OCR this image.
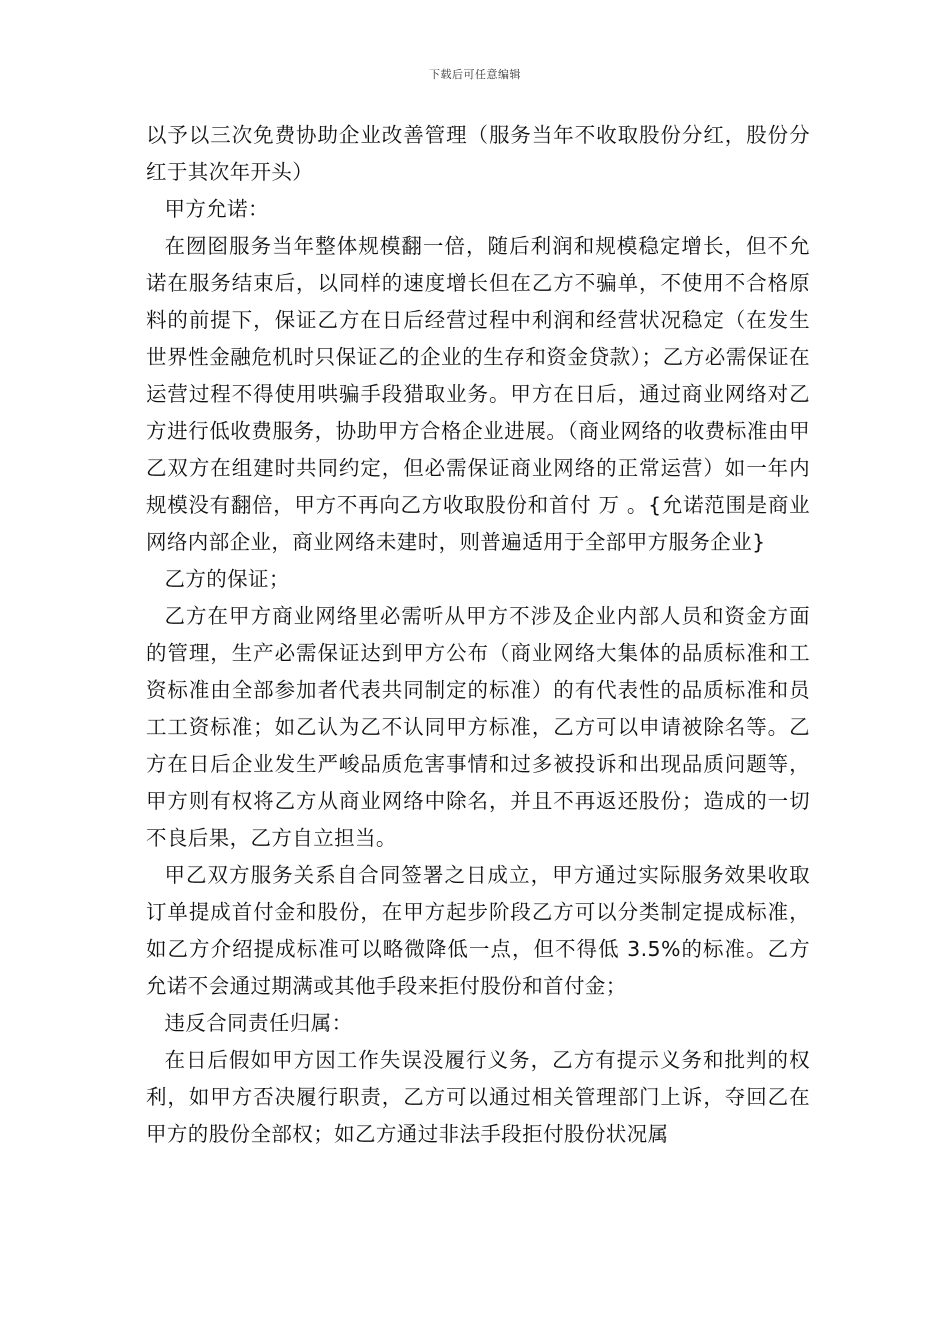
下载后可任意编辑

以予以三次免费协助企业改善管理（服务当年不收取股份分红，股份分红于其次年开头）

甲方允诺：

在囫囵服务当年整体规模翻一倍，随后利润和规模稳定增长，但不允诺在服务结束后，以同样的速度增长但在乙方不骗单，不使用不合格原料的前提下，保证乙方在日后经营过程中利润和经营状况稳定（在发生世界性金融危机时只保证乙的企业的生存和资金贷款）；乙方必需保证在运营过程不得使用哄骗手段猎取业务。甲方在日后，通过商业网络对乙方进行低收费服务，协助甲方合格企业进展。（商业网络的收费标准由甲乙双方在组建时共同约定，但必需保证商业网络的正常运营）如一年内规模没有翻倍，甲方不再向乙方收取股份和首付 万 。{允诺范围是商业网络内部企业，商业网络未建时，则普遍适用于全部甲方服务企业}

乙方的保证；

乙方在甲方商业网络里必需听从甲方不涉及企业内部人员和资金方面的管理，生产必需保证达到甲方公布（商业网络大集体的品质标准和工资标准由全部参加者代表共同制定的标准）的有代表性的品质标准和员工工资标准；如乙认为乙不认同甲方标准，乙方可以申请被除名等。乙方在日后企业发生严峻品质危害事情和过多被投诉和出现品质问题等，甲方则有权将乙方从商业网络中除名，并且不再返还股份；造成的一切不良后果，乙方自立担当。

甲乙双方服务关系自合同签署之日成立，甲方通过实际服务效果收取订单提成首付金和股份，在甲方起步阶段乙方可以分类制定提成标准，如乙方介绍提成标准可以略微降低一点，但不得低 3.5%的标准。乙方允诺不会通过期满或其他手段来拒付股份和首付金；

违反合同责任归属：

在日后假如甲方因工作失误没履行义务，乙方有提示义务和批判的权利，如甲方否决履行职责，乙方可以通过相关管理部门上诉，夺回乙在甲方的股份全部权；如乙方通过非法手段拒付股份状况属
